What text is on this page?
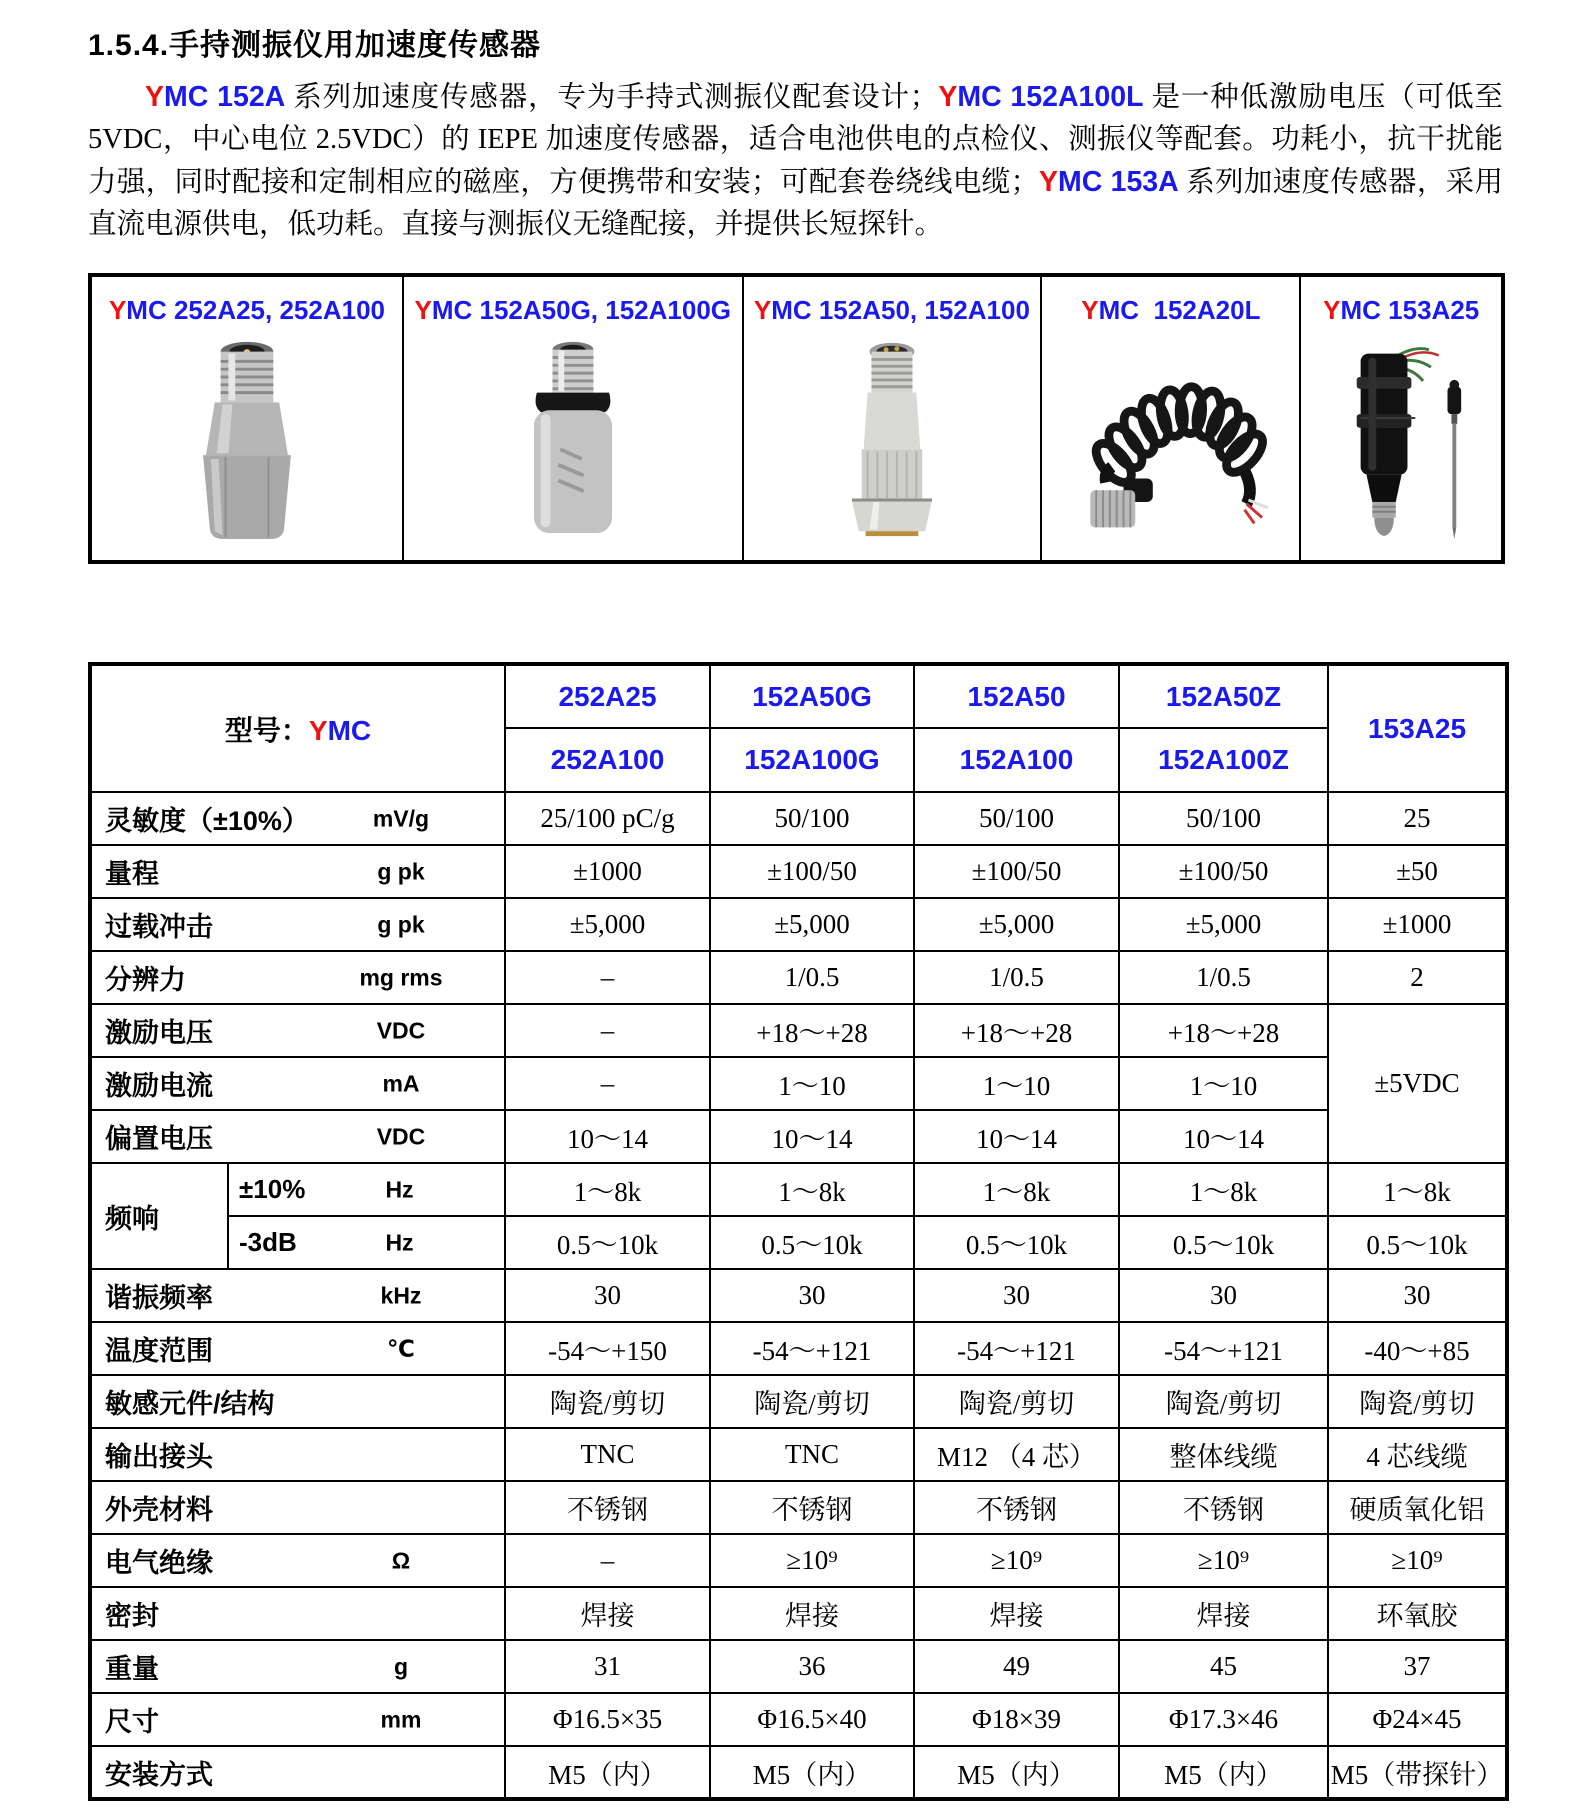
1.5.4.手持测振仪用加速度传感器

YMC 152A 系列加速度传感器，专为手持式测振仪配套设计；YMC 152A100L 是一种低激励电压（可低至 5VDC，中心电位 2.5VDC）的 IEPE 加速度传感器，适合电池供电的点检仪、测振仪等配套。功耗小，抗干扰能力强，同时配接和定制相应的磁座，方便携带和安装；可配套卷绕线电缆；YMC 153A 系列加速度传感器，采用直流电源供电，低功耗。直接与测振仪无缝配接，并提供长短探针。

YMC 252A25, 252A100 YMC 152A50G, 152A100G YMC 152A50, 152A100 YMC  152A20L YMC 153A25
型号：YMC		252A25	152A50G	152A50	152A50Z	153A25
		252A100	152A100G	152A100	152A100Z	
灵敏度（±10%） mV/g		25/100 pC/g	50/100	50/100	50/100	25
量程 g pk		±1000	±100/50	±100/50	±100/50	±50
过载冲击 g pk		±5,000	±5,000	±5,000	±5,000	±1000
分辨力 mg rms		–	1/0.5	1/0.5	1/0.5	2
激励电压 VDC		–	+18～+28	+18～+28	+18～+28	±5VDC
激励电流 mA		–	1～10	1～10	1～10	
偏置电压 VDC		10～14	10～14	10～14	10～14	
频响	±10% Hz	1～8k	1～8k	1～8k	1～8k	1～8k
	-3dB Hz	0.5～10k	0.5～10k	0.5～10k	0.5～10k	0.5～10k
谐振频率 kHz		30	30	30	30	30
温度范围 ℃		-54～+150	-54～+121	-54～+121	-54～+121	-40～+85
敏感元件/结构		陶瓷/剪切	陶瓷/剪切	陶瓷/剪切	陶瓷/剪切	陶瓷/剪切
输出接头		TNC	TNC	M12 （4 芯）	整体线缆	4 芯线缆
外壳材料		不锈钢	不锈钢	不锈钢	不锈钢	硬质氧化铝
电气绝缘 Ω		–	≥10⁹	≥10⁹	≥10⁹	≥10⁹
密封		焊接	焊接	焊接	焊接	环氧胶
重量 g		31	36	49	45	37
尺寸 mm		Φ16.5×35	Φ16.5×40	Φ18×39	Φ17.3×46	Φ24×45
安装方式		M5（内）	M5（内）	M5（内）	M5（内）	M5（带探针）
